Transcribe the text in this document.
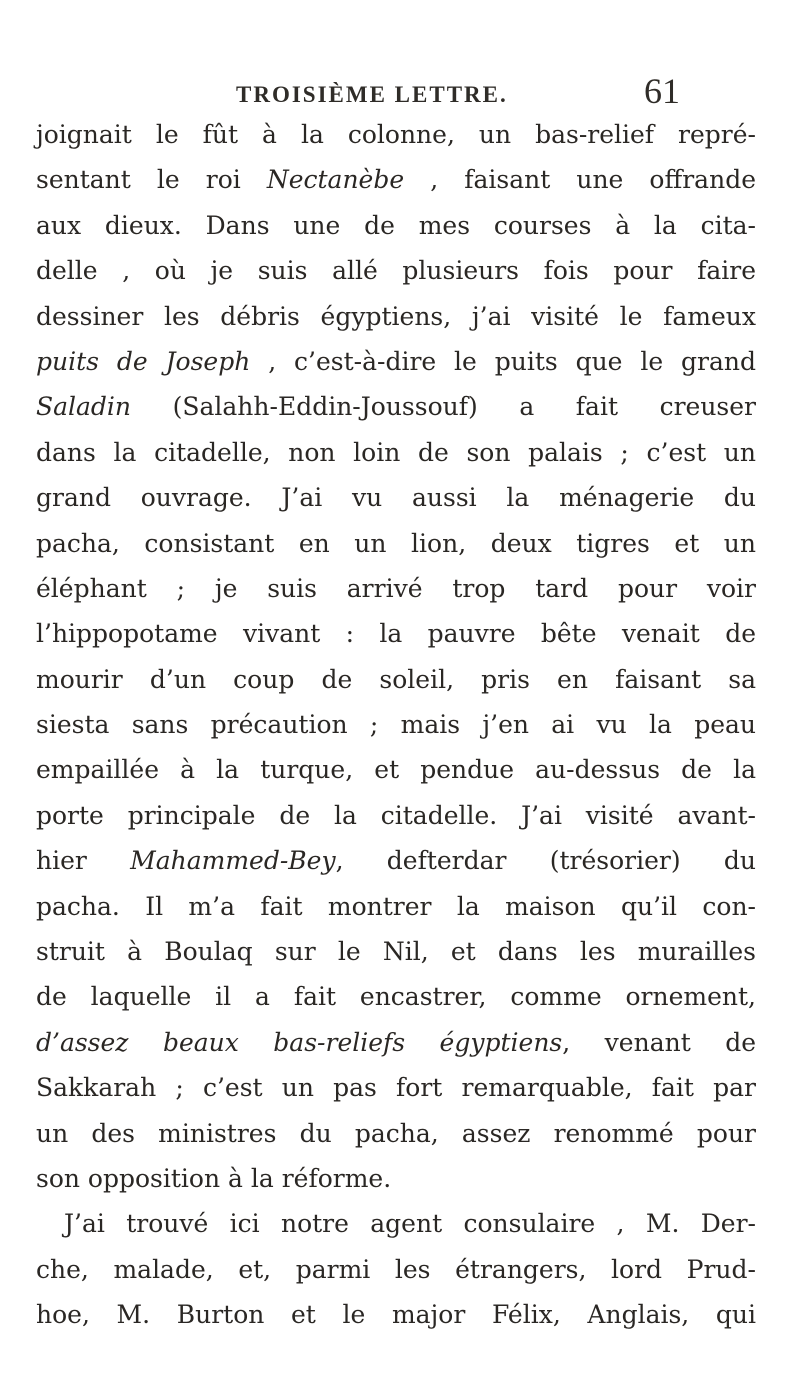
TROISIÈME LETTRE.	61
joignait le fût à la colonne, un bas-relief repré-
sentant le roi Nectanèbe , faisant une offrande
aux dieux. Dans une de mes courses à la cita-
delle , où je suis allé plusieurs fois pour faire
dessiner les débris égyptiens, j’ai visité le fameux
puits de Joseph , c’est-à-dire le puits que le grand
Saladin (Salahh-Eddin-Joussouf) a fait creuser
dans la citadelle, non loin de son palais ; c’est un
grand ouvrage. J’ai vu aussi la ménagerie du
pacha, consistant en un lion, deux tigres et un
éléphant ; je suis arrivé trop tard pour voir
l’hippopotame vivant : la pauvre bête venait de
mourir d’un coup de soleil, pris en faisant sa
siesta sans précaution ; mais j’en ai vu la peau
empaillée à la turque, et pendue au-dessus de la
porte principale de la citadelle. J’ai visité avant-
hier Mahammed-Bey, defterdar (trésorier) du
pacha. Il m’a fait montrer la maison qu’il con-
struit à Boulaq sur le Nil, et dans les murailles
de laquelle il a fait encastrer, comme ornement,
d’assez beaux bas-reliefs égyptiens, venant de
Sakkarah ; c’est un pas fort remarquable, fait par
un des ministres du pacha, assez renommé pour
son opposition à la réforme.
J’ai trouvé ici notre agent consulaire , M. Der-
che, malade, et, parmi les étrangers, lord Prud-
hoe, M. Burton et le major Félix, Anglais, qui
